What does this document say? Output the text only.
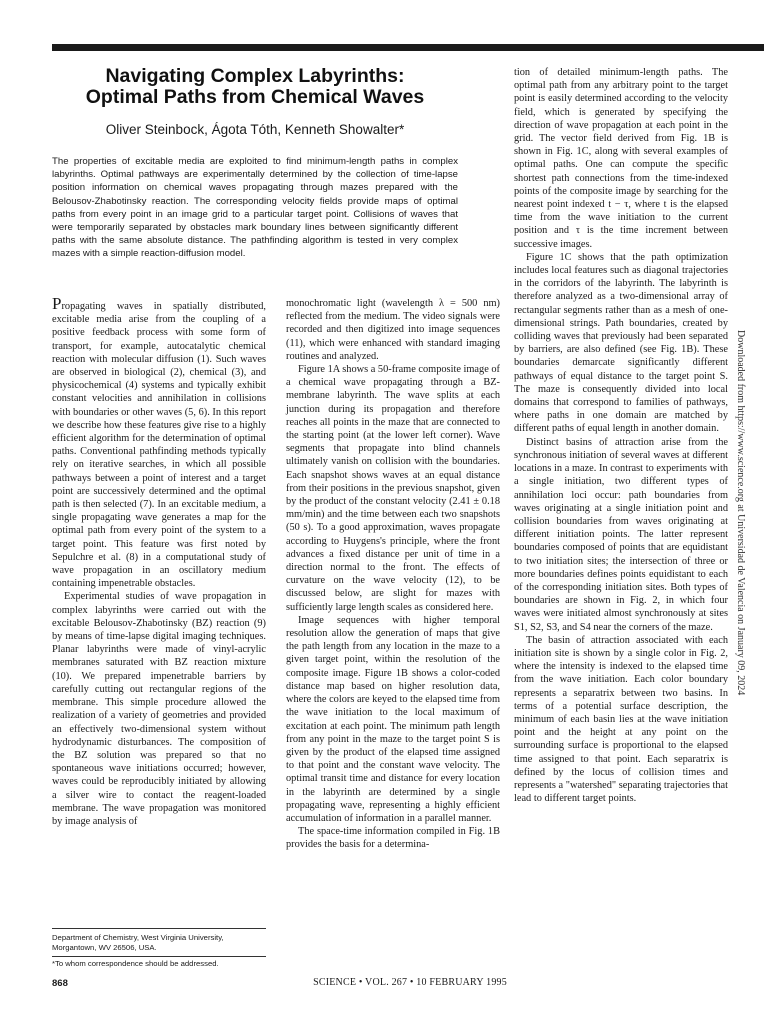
Navigating Complex Labyrinths:
Optimal Paths from Chemical Waves
Oliver Steinbock, Ágota Tóth, Kenneth Showalter*

The properties of excitable media are exploited to find minimum-length paths in complex labyrinths. Optimal pathways are experimentally determined by the collection of time-lapse position information on chemical waves propagating through mazes prepared with the Belousov-Zhabotinsky reaction. The corresponding velocity fields provide maps of optimal paths from every point in an image grid to a particular target point. Collisions of waves that were temporarily separated by obstacles mark boundary lines between significantly different paths with the same absolute distance. The pathfinding algorithm is tested in very complex mazes with a simple reaction-diffusion model.

Propagating waves in spatially distributed, excitable media arise from the coupling of a positive feedback process with some form of transport, for example, autocatalytic chemical reaction with molecular diffusion (1). Such waves are observed in biological (2), chemical (3), and physicochemical (4) systems and typically exhibit constant velocities and annihilation in collisions with boundaries or other waves (5, 6). In this report we describe how these features give rise to a highly efficient algorithm for the determination of optimal paths. Conventional pathfinding methods typically rely on iterative searches, in which all possible pathways between a point of interest and a target point are successively determined and the optimal path is then selected (7). In an excitable medium, a single propagating wave generates a map for the optimal path from every point of the system to a target point. This feature was first noted by Sepulchre et al. (8) in a computational study of wave propagation in an oscillatory medium containing impenetrable obstacles.

Experimental studies of wave propagation in complex labyrinths were carried out with the excitable Belousov-Zhabotinsky (BZ) reaction (9) by means of time-lapse digital imaging techniques. Planar labyrinths were made of vinyl-acrylic membranes saturated with BZ reaction mixture (10). We prepared impenetrable barriers by carefully cutting out rectangular regions of the membrane. This simple procedure allowed the realization of a variety of geometries and provided an effectively two-dimensional system without hydrodynamic disturbances. The composition of the BZ solution was prepared so that no spontaneous wave initiations occurred; however, waves could be reproducibly initiated by allowing a silver wire to contact the reagent-loaded membrane. The wave propagation was monitored by image analysis of

Department of Chemistry, West Virginia University, Morgantown, WV 26506, USA.

*To whom correspondence should be addressed.

monochromatic light (wavelength λ = 500 nm) reflected from the medium. The video signals were recorded and then digitized into image sequences (11), which were enhanced with standard imaging routines and analyzed.

Figure 1A shows a 50-frame composite image of a chemical wave propagating through a BZ-membrane labyrinth. The wave splits at each junction during its propagation and therefore reaches all points in the maze that are connected to the starting point (at the lower left corner). Wave segments that propagate into blind channels ultimately vanish on collision with the boundaries. Each snapshot shows waves at an equal distance from their positions in the previous snapshot, given by the product of the constant velocity (2.41 ± 0.18 mm/min) and the time between each two snapshots (50 s). To a good approximation, waves propagate according to Huygens's principle, where the front advances a fixed distance per unit of time in a direction normal to the front. The effects of curvature on the wave velocity (12), to be discussed below, are slight for mazes with sufficiently large length scales as considered here.

Image sequences with higher temporal resolution allow the generation of maps that give the path length from any location in the maze to a given target point, within the resolution of the composite image. Figure 1B shows a color-coded distance map based on higher resolution data, where the colors are keyed to the elapsed time from the wave initiation to the local maximum of excitation at each point. The minimum path length from any point in the maze to the target point S is given by the product of the elapsed time assigned to that point and the constant wave velocity. The optimal transit time and distance for every location in the labyrinth are determined by a single propagating wave, representing a highly efficient accumulation of information in a parallel manner.

The space-time information compiled in Fig. 1B provides the basis for a determina-

tion of detailed minimum-length paths. The optimal path from any arbitrary point to the target point is easily determined according to the velocity field, which is generated by specifying the direction of wave propagation at each point in the grid. The vector field derived from Fig. 1B is shown in Fig. 1C, along with several examples of optimal paths. One can compute the specific shortest path connections from the time-indexed points of the composite image by searching for the nearest point indexed t − τ, where t is the elapsed time from the wave initiation to the current position and τ is the time increment between successive images.

Figure 1C shows that the path optimization includes local features such as diagonal trajectories in the corridors of the labyrinth. The labyrinth is therefore analyzed as a two-dimensional array of rectangular segments rather than as a mesh of one-dimensional strings. Path boundaries, created by colliding waves that previously had been separated by barriers, are also defined (see Fig. 1B). These boundaries demarcate significantly different pathways of equal distance to the target point S. The maze is consequently divided into local domains that correspond to families of pathways, where paths in one domain are matched by different paths of equal length in another domain.

Distinct basins of attraction arise from the synchronous initiation of several waves at different locations in a maze. In contrast to experiments with a single initiation, two different types of annihilation loci occur: path boundaries from waves originating at a single initiation point and collision boundaries from waves originating at different initiation points. The latter represent boundaries composed of points that are equidistant to two initiation sites; the intersection of three or more boundaries defines points equidistant to each of the corresponding initiation sites. Both types of boundaries are shown in Fig. 2, in which four waves were initiated almost synchronously at sites S1, S2, S3, and S4 near the corners of the maze.

The basin of attraction associated with each initiation site is shown by a single color in Fig. 2, where the intensity is indexed to the elapsed time from the wave initiation. Each color boundary represents a separatrix between two basins. In terms of a potential surface description, the minimum of each basin lies at the wave initiation point and the height at any point on the surrounding surface is proportional to the elapsed time assigned to that point. Each separatrix is defined by the locus of collision times and represents a "watershed" separating trajectories that lead to different target points.

Downloaded from https://www.science.org at Universidad de Valencia on January 09, 2024
868	SCIENCE • VOL. 267 • 10 FEBRUARY 1995
